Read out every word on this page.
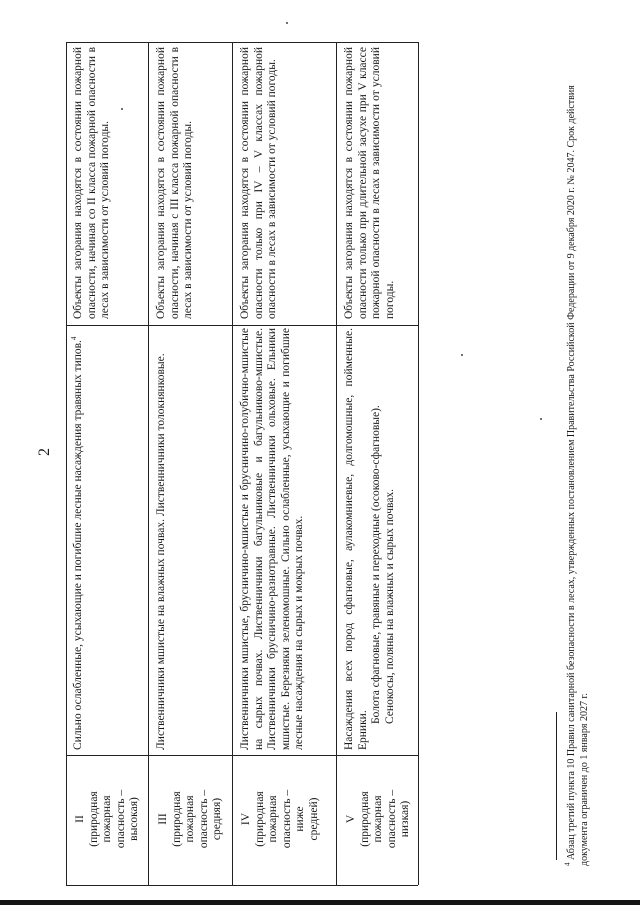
2
Объекты загорания находятся в состоянии пожарной опасности, начиная со II класса пожарной опасности в лесах в зависимости от условий погоды.
Сильно ослабленные, усыхающие и погибшие лесные насаждения травяных типов.$^4$
II (природная пожарная опасность – высокая)
Объекты загорания находятся в состоянии пожарной опасности, начиная с III класса пожарной опасности в лесах в зависимости от условий погоды.
Лиственничники мшистые на влажных почвах. Лиственничники толокнянковые.
III (природная пожарная опасность – средняя)
Объекты загорания находятся в состоянии пожарной опасности только при IV – V классах пожарной опасности в лесах в зависимости от условий погоды.
Лиственничники мшистые, брусничино-мшистые и брусничино-голубично-мшистые на сырых почвах. Лиственничники багульниковые и багульниково-мшистые. Лиственничники брусничино-разнотравные. Лиственничники ольховые. Ельники мшистые. Березняки зеленомошные. Сильно ослабленные, усыхающие и погибшие лесные насаждения на сырых и мокрых почвах.
IV (природная пожарная опасность – ниже средней)
Объекты загорания находятся в состоянии пожарной опасности только при длительной засухе при V классе пожарной опасности в лесах в зависимости от условий погоды.
Насаждения всех пород сфагновые, аулакомниевые, долгомошные, пойменные. Ерники.
Болота сфагновые, травяные и переходные (осоково-сфагновые). Сенокосы, поляны на влажных и сырых почвах.
V (природная пожарная опасность – низкая)
$^4$ Абзац третий пункта 10 Правил санитарной безопасности в лесах, утвержденных постановлением Правительства Российской Федерации от 9 декабря 2020 г. № 2047. Срок действия документа ограничен до 1 января 2027 г.
